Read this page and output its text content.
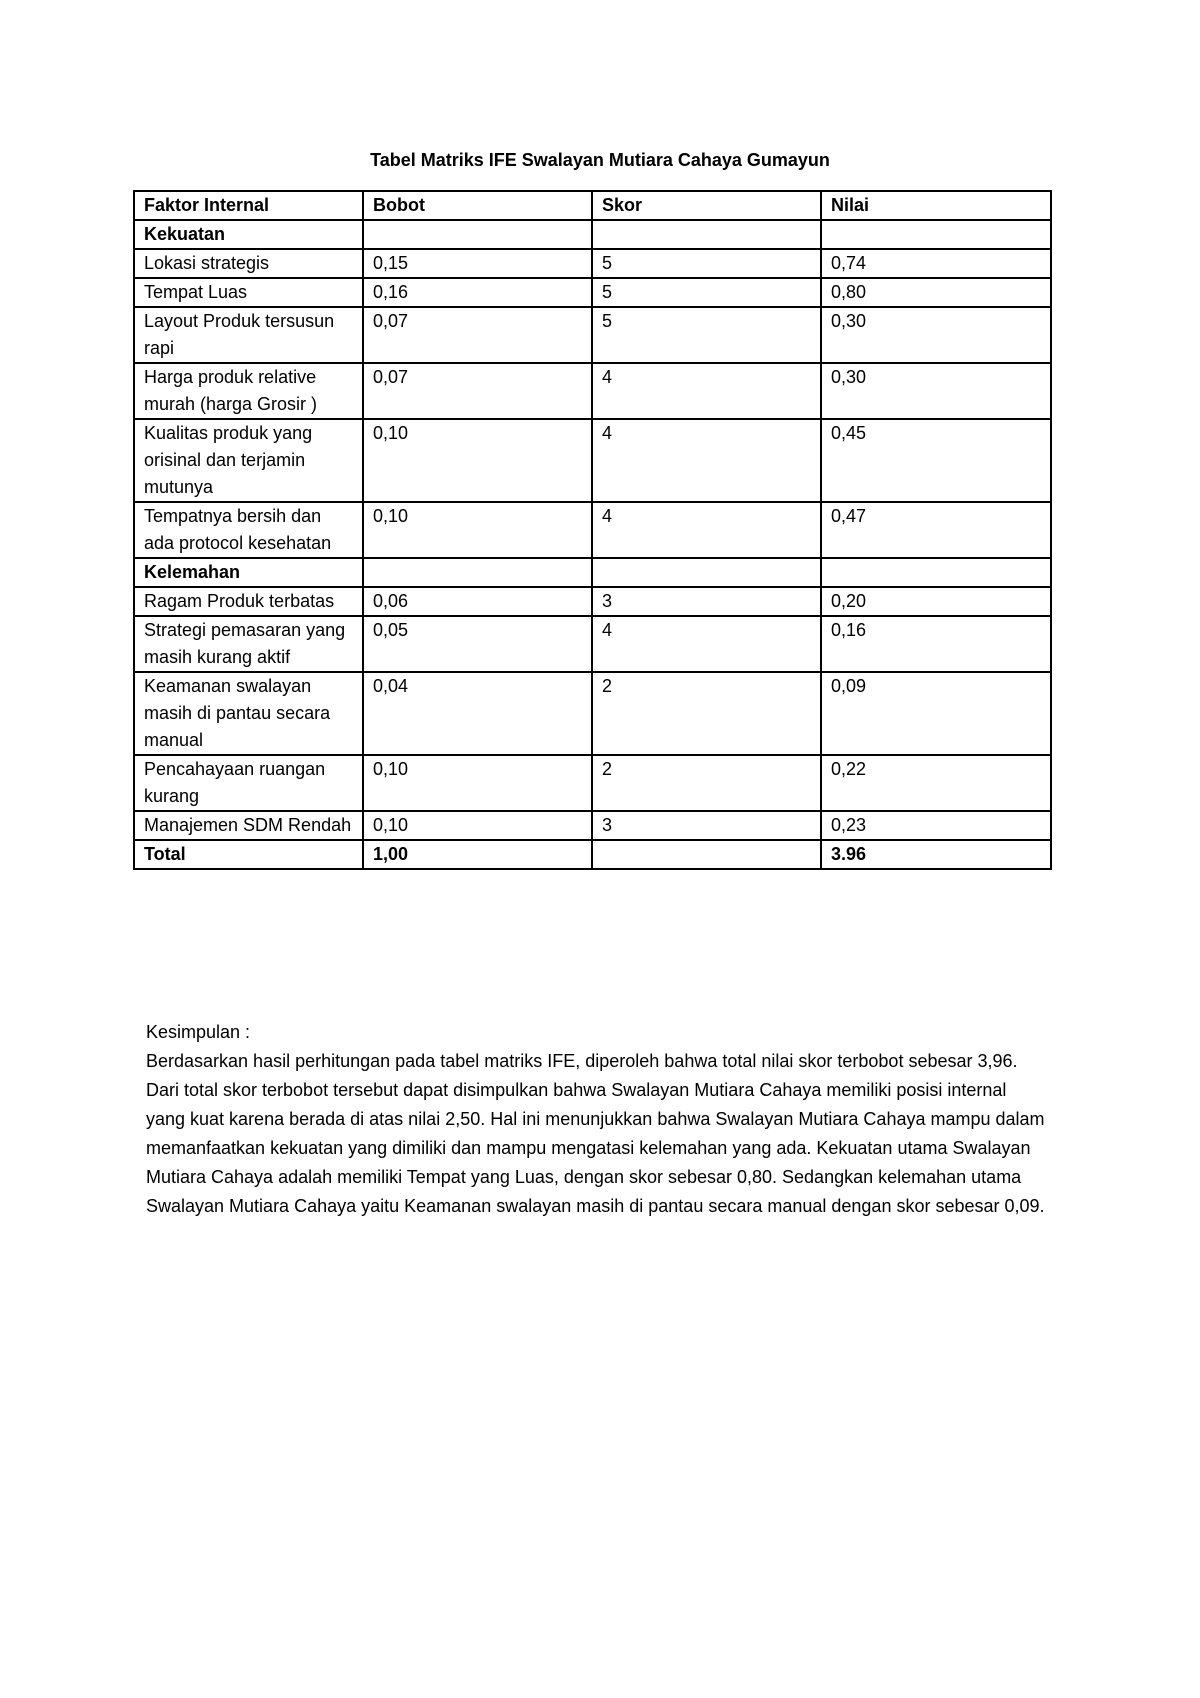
Tabel Matriks IFE Swalayan Mutiara Cahaya Gumayun
Faktor Internal	Bobot	Skor	Nilai
Kekuatan			
Lokasi strategis	0,15	5	0,74
Tempat Luas	0,16	5	0,80
Layout Produk tersusun rapi	0,07	5	0,30
Harga produk relative murah (harga Grosir )	0,07	4	0,30
Kualitas produk yang orisinal dan terjamin mutunya	0,10	4	0,45
Tempatnya bersih dan ada protocol kesehatan	0,10	4	0,47
Kelemahan			
Ragam Produk terbatas	0,06	3	0,20
Strategi pemasaran yang masih kurang aktif	0,05	4	0,16
Keamanan swalayan masih di pantau secara manual	0,04	2	0,09
Pencahayaan ruangan kurang	0,10	2	0,22
Manajemen SDM Rendah	0,10	3	0,23
Total	1,00		3.96

Kesimpulan :

Berdasarkan hasil perhitungan pada tabel matriks IFE, diperoleh bahwa total nilai skor terbobot sebesar 3,96. Dari total skor terbobot tersebut dapat disimpulkan bahwa Swalayan Mutiara Cahaya memiliki posisi internal yang kuat karena berada di atas nilai 2,50. Hal ini menunjukkan bahwa Swalayan Mutiara Cahaya mampu dalam memanfaatkan kekuatan yang dimiliki dan mampu mengatasi kelemahan yang ada. Kekuatan utama Swalayan Mutiara Cahaya adalah memiliki Tempat yang Luas, dengan skor sebesar 0,80. Sedangkan kelemahan utama Swalayan Mutiara Cahaya yaitu Keamanan swalayan masih di pantau secara manual dengan skor sebesar 0,09.
